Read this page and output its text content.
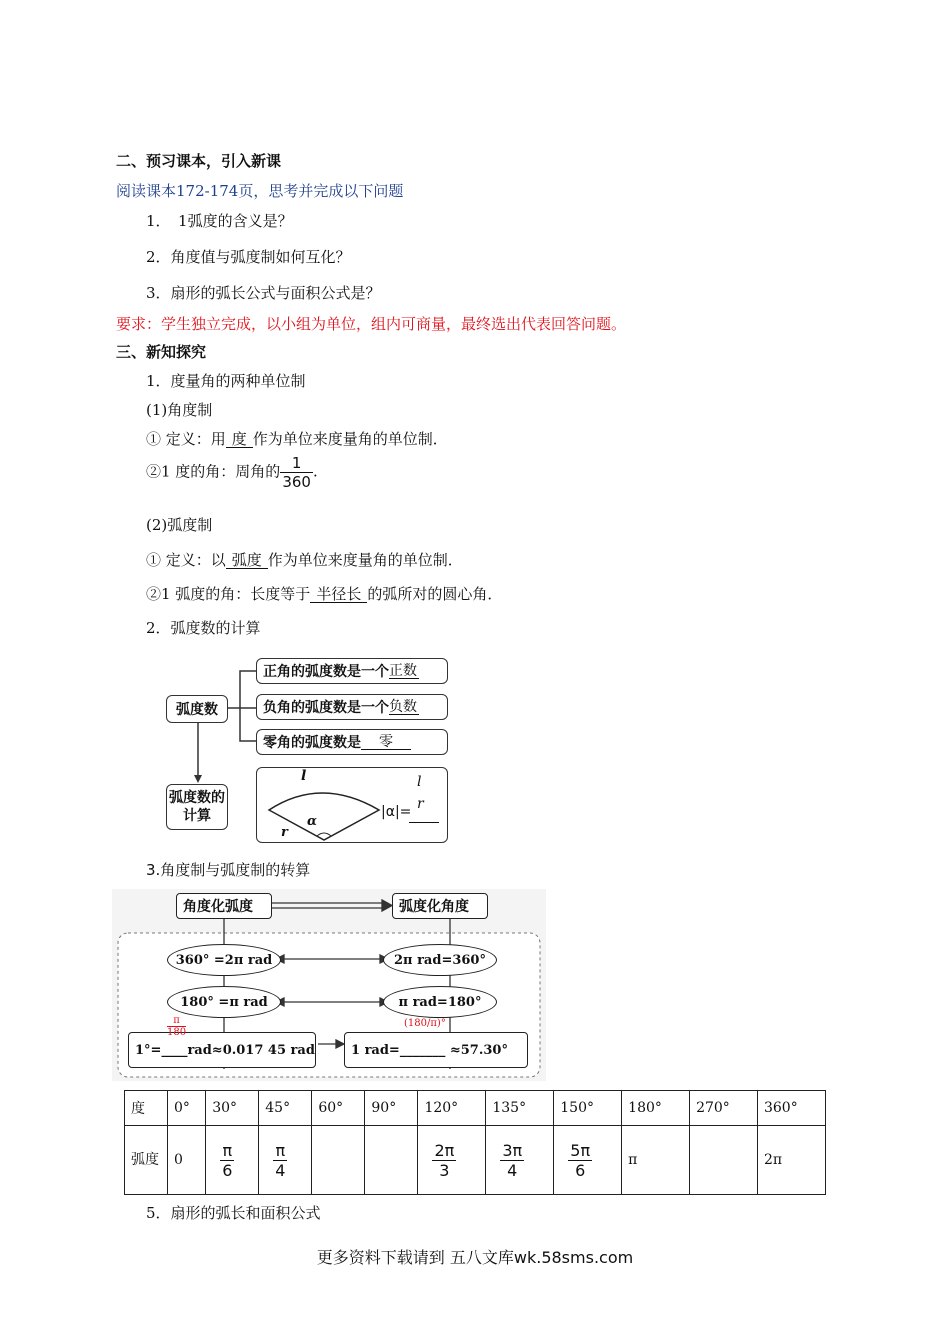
二、预习课本，引入新课
阅读课本172-174页，思考并完成以下问题
1．　1弧度的含义是？
2．角度值与弧度制如何互化？
3．扇形的弧长公式与面积公式是？
要求：学生独立完成，以小组为单位，组内可商量，最终选出代表回答问题。
三、新知探究
1．度量角的两种单位制
(1)角度制
① 定义：用 度 作为单位来度量角的单位制．
②1 度的角：周角的 $\frac{1}{360}$ .
(2)弧度制
① 定义：以 弧度 作为单位来度量角的单位制．
②1 弧度的角：长度等于 半径长 的弧所对的圆心角．
2．弧度数的计算
弧度数
正角的弧度数是一个 正数
负角的弧度数是一个 负数
零角的弧度数是	零
弧度数的计算
l
α
r
|α|=
l
r
3.角度制与弧度制的转算
角度化弧度	弧度化角度
360° =2π rad	2π rad=360°
180° =π rad	π rad=180°
1°=____rad≈0.017 45 rad	1 rad=_______ ≈57.30°
π
180
(180/π)°
度	0°	30°	45°	60°	90°	120°	135°	150°	180°	270°	360°
弧度	0	$\frac{\pi}{6}$	$\frac{\pi}{4}$			$\frac{2\pi}{3}$	$\frac{3\pi}{4}$	$\frac{5\pi}{6}$	π		2π
5．扇形的弧长和面积公式
更多资料下载请到 五八文库wk.58sms.com
